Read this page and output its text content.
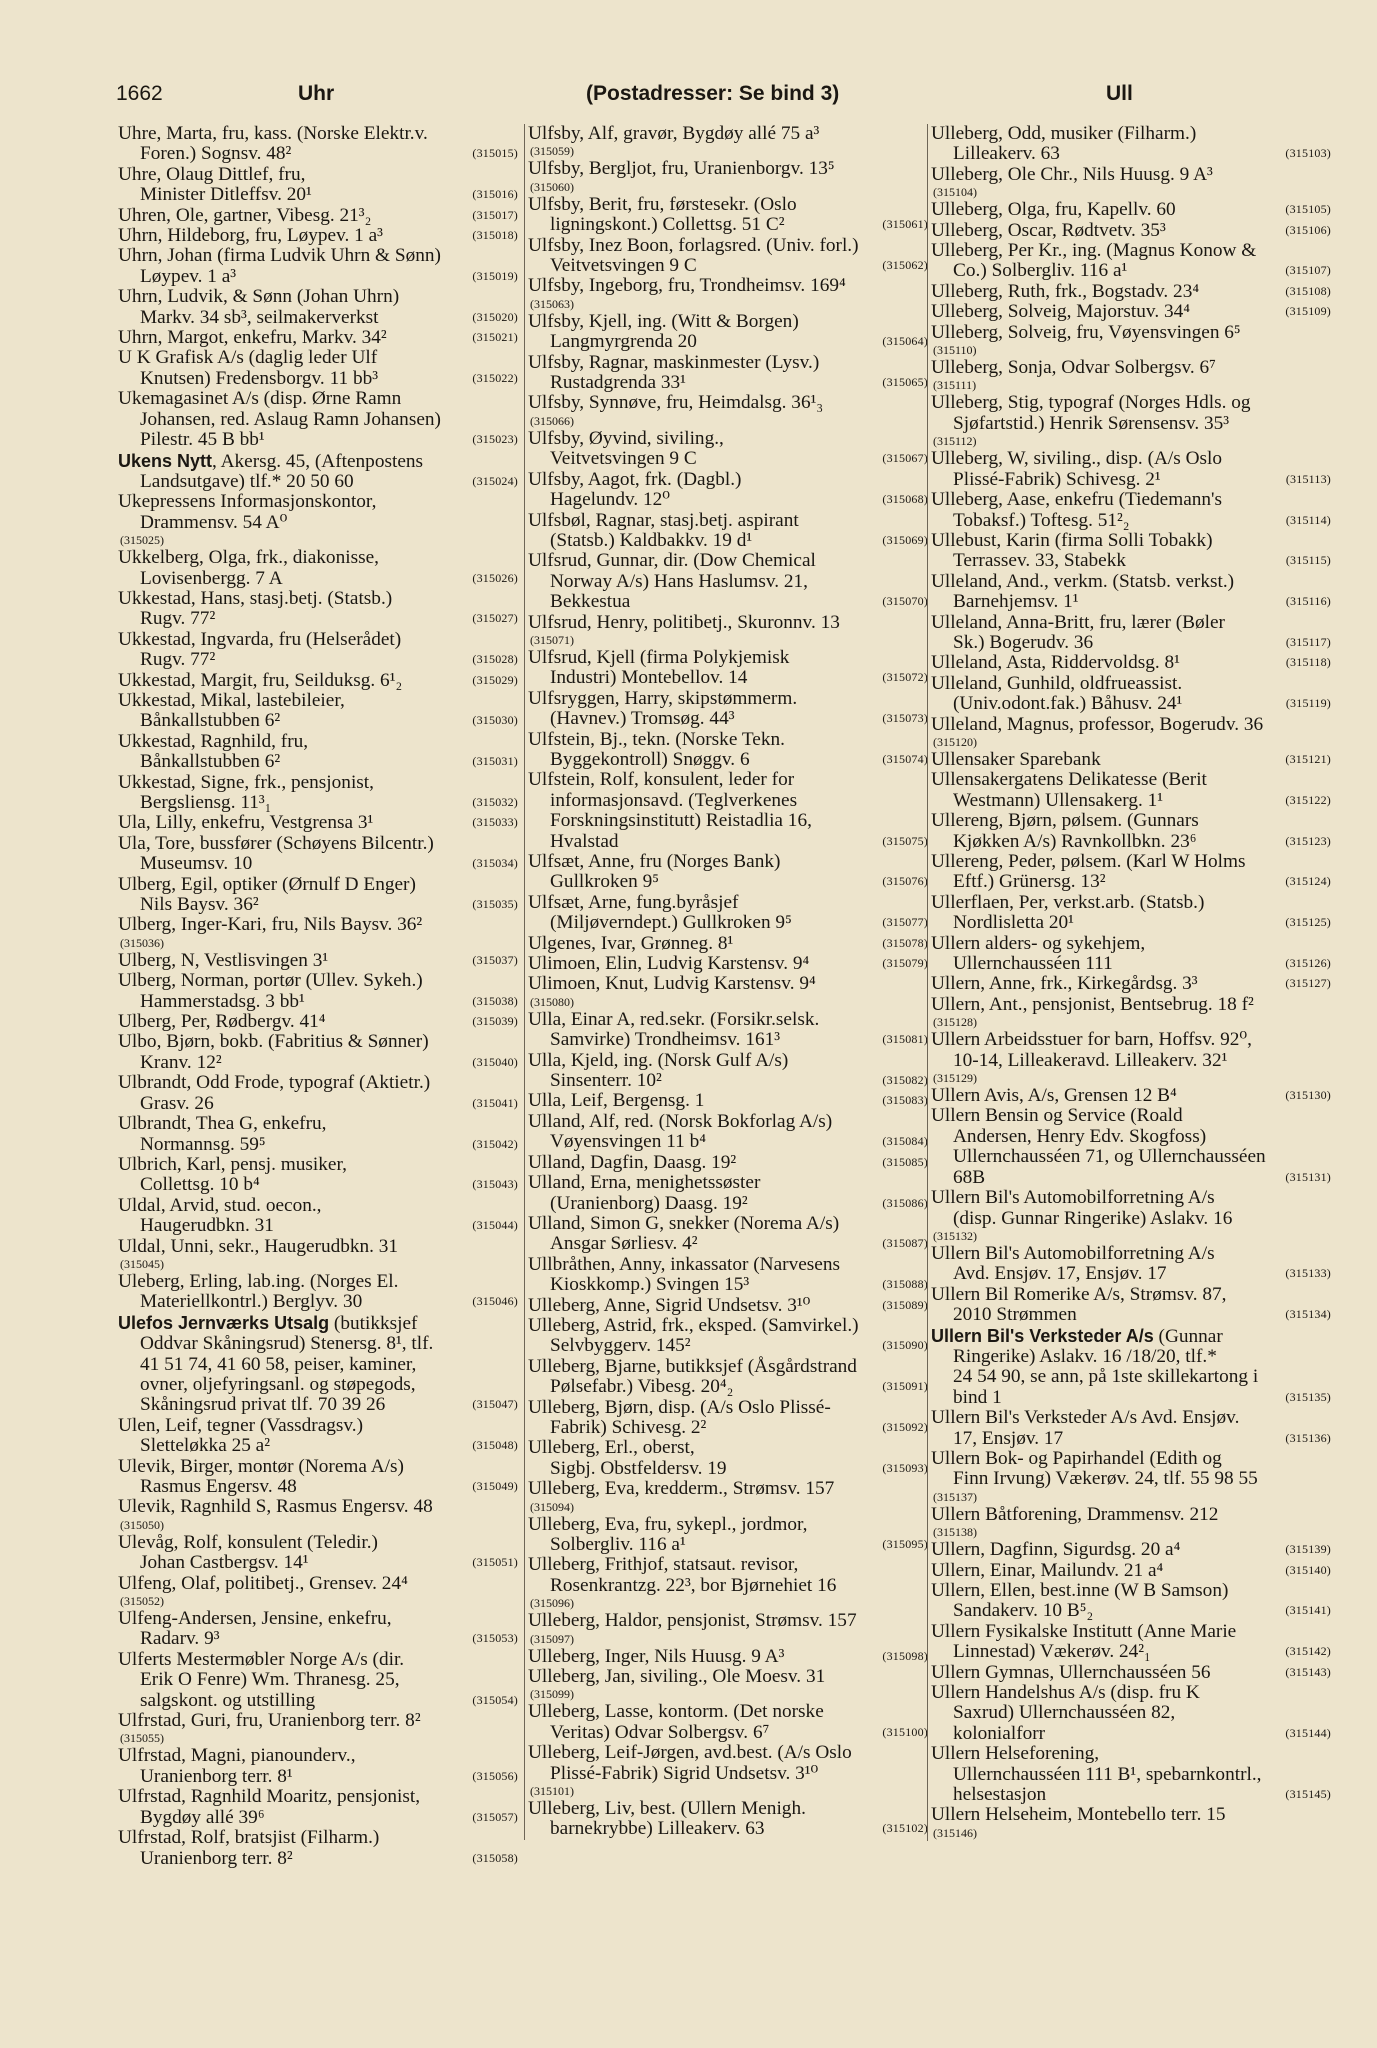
1662	Uhr	(Postadresser: Se bind 3)	Ull
Uhre, Marta, fru, kass. (Norske Elektr.v.
Foren.) Sognsv. 48²	(315015)
Uhre, Olaug Dittlef, fru,
Minister Ditleffsv. 20¹	(315016)
Uhren, Ole, gartner, Vibesg. 21³₂	(315017)
Uhrn, Hildeborg, fru, Løypev. 1 a³	(315018)
Uhrn, Johan (firma Ludvik Uhrn & Sønn)
Løypev. 1 a³	(315019)
Uhrn, Ludvik, & Sønn (Johan Uhrn)
Markv. 34 sb³, seilmakerverkst	(315020)
Uhrn, Margot, enkefru, Markv. 34²	(315021)
U K Grafisk A/s (daglig leder Ulf
Knutsen) Fredensborgv. 11 bb³	(315022)
Ukemagasinet A/s (disp. Ørne Ramn
Johansen, red. Aslaug Ramn Johansen)
Pilestr. 45 B bb¹	(315023)
Ukens Nytt, Akersg. 45, (Aftenpostens
Landsutgave) tlf.* 20 50 60	(315024)
Ukepressens Informasjonskontor,
Drammensv. 54 A⁰
(315025)
Ukkelberg, Olga, frk., diakonisse,
Lovisenbergg. 7 A	(315026)
Ukkestad, Hans, stasj.betj. (Statsb.)
Rugv. 77²	(315027)
Ukkestad, Ingvarda, fru (Helserådet)
Rugv. 77²	(315028)
Ukkestad, Margit, fru, Seilduksg. 6¹₂	(315029)
Ukkestad, Mikal, lastebileier,
Bånkallstubben 6²	(315030)
Ukkestad, Ragnhild, fru,
Bånkallstubben 6²	(315031)
Ukkestad, Signe, frk., pensjonist,
Bergsliensg. 11³₁	(315032)
Ula, Lilly, enkefru, Vestgrensa 3¹	(315033)
Ula, Tore, bussfører (Schøyens Bilcentr.)
Museumsv. 10	(315034)
Ulberg, Egil, optiker (Ørnulf D Enger)
Nils Baysv. 36²	(315035)
Ulberg, Inger-Kari, fru, Nils Baysv. 36²
(315036)
Ulberg, N, Vestlisvingen 3¹	(315037)
Ulberg, Norman, portør (Ullev. Sykeh.)
Hammerstadsg. 3 bb¹	(315038)
Ulberg, Per, Rødbergv. 41⁴	(315039)
Ulbo, Bjørn, bokb. (Fabritius & Sønner)
Kranv. 12²	(315040)
Ulbrandt, Odd Frode, typograf (Aktietr.)
Grasv. 26	(315041)
Ulbrandt, Thea G, enkefru,
Normannsg. 59⁵	(315042)
Ulbrich, Karl, pensj. musiker,
Collettsg. 10 b⁴	(315043)
Uldal, Arvid, stud. oecon.,
Haugerudbkn. 31	(315044)
Uldal, Unni, sekr., Haugerudbkn. 31
(315045)
Uleberg, Erling, lab.ing. (Norges El.
Materiellkontrl.) Berglyv. 30	(315046)
Ulefos Jernværks Utsalg (butikksjef
Oddvar Skåningsrud) Stenersg. 8¹, tlf.
41 51 74, 41 60 58, peiser, kaminer,
ovner, oljefyringsanl. og støpegods,
Skåningsrud privat tlf. 70 39 26	(315047)
Ulen, Leif, tegner (Vassdragsv.)
Sletteløkka 25 a²	(315048)
Ulevik, Birger, montør (Norema A/s)
Rasmus Engersv. 48	(315049)
Ulevik, Ragnhild S, Rasmus Engersv. 48
(315050)
Ulevåg, Rolf, konsulent (Teledir.)
Johan Castbergsv. 14¹	(315051)
Ulfeng, Olaf, politibetj., Grensev. 24⁴
(315052)
Ulfeng-Andersen, Jensine, enkefru,
Radarv. 9³	(315053)
Ulferts Mestermøbler Norge A/s (dir.
Erik O Fenre) Wm. Thranesg. 25,
salgskont. og utstilling	(315054)
Ulfrstad, Guri, fru, Uranienborg terr. 8²
(315055)
Ulfrstad, Magni, pianounderv.,
Uranienborg terr. 8¹	(315056)
Ulfrstad, Ragnhild Moaritz, pensjonist,
Bygdøy allé 39⁶	(315057)
Ulfrstad, Rolf, bratsjist (Filharm.)
Uranienborg terr. 8²	(315058)
Ulfsby, Alf, gravør, Bygdøy allé 75 a³
(315059)
Ulfsby, Bergljot, fru, Uranienborgv. 13⁵
(315060)
Ulfsby, Berit, fru, førstesekr. (Oslo
ligningskont.) Collettsg. 51 C²	(315061)
Ulfsby, Inez Boon, forlagsred. (Univ. forl.)
Veitvetsvingen 9 C	(315062)
Ulfsby, Ingeborg, fru, Trondheimsv. 169⁴
(315063)
Ulfsby, Kjell, ing. (Witt & Borgen)
Langmyrgrenda 20	(315064)
Ulfsby, Ragnar, maskinmester (Lysv.)
Rustadgrenda 33¹	(315065)
Ulfsby, Synnøve, fru, Heimdalsg. 36¹₃
(315066)
Ulfsby, Øyvind, siviling.,
Veitvetsvingen 9 C	(315067)
Ulfsby, Aagot, frk. (Dagbl.)
Hagelundv. 12⁰	(315068)
Ulfsbøl, Ragnar, stasj.betj. aspirant
(Statsb.) Kaldbakkv. 19 d¹	(315069)
Ulfsrud, Gunnar, dir. (Dow Chemical
Norway A/s) Hans Haslumsv. 21,
Bekkestua	(315070)
Ulfsrud, Henry, politibetj., Skuronnv. 13
(315071)
Ulfsrud, Kjell (firma Polykjemisk
Industri) Montebellov. 14	(315072)
Ulfsryggen, Harry, skipstømmerm.
(Havnev.) Tromsøg. 44³	(315073)
Ulfstein, Bj., tekn. (Norske Tekn.
Byggekontroll) Snøggv. 6	(315074)
Ulfstein, Rolf, konsulent, leder for
informasjonsavd. (Teglverkenes
Forskningsinstitutt) Reistadlia 16,
Hvalstad	(315075)
Ulfsæt, Anne, fru (Norges Bank)
Gullkroken 9⁵	(315076)
Ulfsæt, Arne, fung.byråsjef
(Miljøverndept.) Gullkroken 9⁵	(315077)
Ulgenes, Ivar, Grønneg. 8¹	(315078)
Ulimoen, Elin, Ludvig Karstensv. 9⁴	(315079)
Ulimoen, Knut, Ludvig Karstensv. 9⁴
(315080)
Ulla, Einar A, red.sekr. (Forsikr.selsk.
Samvirke) Trondheimsv. 161³	(315081)
Ulla, Kjeld, ing. (Norsk Gulf A/s)
Sinsenterr. 10²	(315082)
Ulla, Leif, Bergensg. 1	(315083)
Ulland, Alf, red. (Norsk Bokforlag A/s)
Vøyensvingen 11 b⁴	(315084)
Ulland, Dagfin, Daasg. 19²	(315085)
Ulland, Erna, menighetssøster
(Uranienborg) Daasg. 19²	(315086)
Ulland, Simon G, snekker (Norema A/s)
Ansgar Sørliesv. 4²	(315087)
Ullbråthen, Anny, inkassator (Narvesens
Kioskkomp.) Svingen 15³	(315088)
Ulleberg, Anne, Sigrid Undsetsv. 3¹⁰	(315089)
Ulleberg, Astrid, frk., eksped. (Samvirkel.)
Selvbyggerv. 145²	(315090)
Ulleberg, Bjarne, butikksjef (Åsgårdstrand
Pølsefabr.) Vibesg. 20⁴₂	(315091)
Ulleberg, Bjørn, disp. (A/s Oslo Plissé-
Fabrik) Schivesg. 2²	(315092)
Ulleberg, Erl., oberst,
Sigbj. Obstfeldersv. 19	(315093)
Ulleberg, Eva, kredderm., Strømsv. 157
(315094)
Ulleberg, Eva, fru, sykepl., jordmor,
Solbergliv. 116 a¹	(315095)
Ulleberg, Frithjof, statsaut. revisor,
Rosenkrantzg. 22³, bor Bjørnehiet 16
(315096)
Ulleberg, Haldor, pensjonist, Strømsv. 157
(315097)
Ulleberg, Inger, Nils Huusg. 9 A³	(315098)
Ulleberg, Jan, siviling., Ole Moesv. 31
(315099)
Ulleberg, Lasse, kontorm. (Det norske
Veritas) Odvar Solbergsv. 6⁷	(315100)
Ulleberg, Leif-Jørgen, avd.best. (A/s Oslo
Plissé-Fabrik) Sigrid Undsetsv. 3¹⁰
(315101)
Ulleberg, Liv, best. (Ullern Menigh.
barnekrybbe) Lilleakerv. 63	(315102)
Ulleberg, Odd, musiker (Filharm.)
Lilleakerv. 63	(315103)
Ulleberg, Ole Chr., Nils Huusg. 9 A³
(315104)
Ulleberg, Olga, fru, Kapellv. 60	(315105)
Ulleberg, Oscar, Rødtvetv. 35³	(315106)
Ulleberg, Per Kr., ing. (Magnus Konow &
Co.) Solbergliv. 116 a¹	(315107)
Ulleberg, Ruth, frk., Bogstadv. 23⁴	(315108)
Ulleberg, Solveig, Majorstuv. 34⁴	(315109)
Ulleberg, Solveig, fru, Vøyensvingen 6⁵
(315110)
Ulleberg, Sonja, Odvar Solbergsv. 6⁷
(315111)
Ulleberg, Stig, typograf (Norges Hdls. og
Sjøfartstid.) Henrik Sørensensv. 35³
(315112)
Ulleberg, W, siviling., disp. (A/s Oslo
Plissé-Fabrik) Schivesg. 2¹	(315113)
Ulleberg, Aase, enkefru (Tiedemann's
Tobaksf.) Toftesg. 51²₂	(315114)
Ullebust, Karin (firma Solli Tobakk)
Terrassev. 33, Stabekk	(315115)
Ulleland, And., verkm. (Statsb. verkst.)
Barnehjemsv. 1¹	(315116)
Ulleland, Anna-Britt, fru, lærer (Bøler
Sk.) Bogerudv. 36	(315117)
Ulleland, Asta, Riddervoldsg. 8¹	(315118)
Ulleland, Gunhild, oldfrueassist.
(Univ.odont.fak.) Båhusv. 24¹	(315119)
Ulleland, Magnus, professor, Bogerudv. 36
(315120)
Ullensaker Sparebank	(315121)
Ullensakergatens Delikatesse (Berit
Westmann) Ullensakerg. 1¹	(315122)
Ullereng, Bjørn, pølsem. (Gunnars
Kjøkken A/s) Ravnkollbkn. 23⁶	(315123)
Ullereng, Peder, pølsem. (Karl W Holms
Eftf.) Grünersg. 13²	(315124)
Ullerflaen, Per, verkst.arb. (Statsb.)
Nordlisletta 20¹	(315125)
Ullern alders- og sykehjem,
Ullernchausséen 111	(315126)
Ullern, Anne, frk., Kirkegårdsg. 3³	(315127)
Ullern, Ant., pensjonist, Bentsebrug. 18 f²
(315128)
Ullern Arbeidsstuer for barn, Hoffsv. 92⁰,
10-14, Lilleakeravd. Lilleakerv. 32¹
(315129)
Ullern Avis, A/s, Grensen 12 B⁴	(315130)
Ullern Bensin og Service (Roald
Andersen, Henry Edv. Skogfoss)
Ullernchausséen 71, og Ullernchausséen
68B	(315131)
Ullern Bil's Automobilforretning A/s
(disp. Gunnar Ringerike) Aslakv. 16
(315132)
Ullern Bil's Automobilforretning A/s
Avd. Ensjøv. 17, Ensjøv. 17	(315133)
Ullern Bil Romerike A/s, Strømsv. 87,
2010 Strømmen	(315134)
Ullern Bil's Verksteder A/s (Gunnar
Ringerike) Aslakv. 16 /18/20, tlf.*
24 54 90, se ann, på 1ste skillekartong i
bind 1	(315135)
Ullern Bil's Verksteder A/s Avd. Ensjøv.
17, Ensjøv. 17	(315136)
Ullern Bok- og Papirhandel (Edith og
Finn Irvung) Vækerøv. 24, tlf. 55 98 55
(315137)
Ullern Båtforening, Drammensv. 212
(315138)
Ullern, Dagfinn, Sigurdsg. 20 a⁴	(315139)
Ullern, Einar, Mailundv. 21 a⁴	(315140)
Ullern, Ellen, best.inne (W B Samson)
Sandakerv. 10 B⁵₂	(315141)
Ullern Fysikalske Institutt (Anne Marie
Linnestad) Vækerøv. 24²₁	(315142)
Ullern Gymnas, Ullernchausséen 56	(315143)
Ullern Handelshus A/s (disp. fru K
Saxrud) Ullernchausséen 82,
kolonialforr	(315144)
Ullern Helseforening,
Ullernchausséen 111 B¹, spebarnkontrl.,
helsestasjon	(315145)
Ullern Helseheim, Montebello terr. 15
(315146)
